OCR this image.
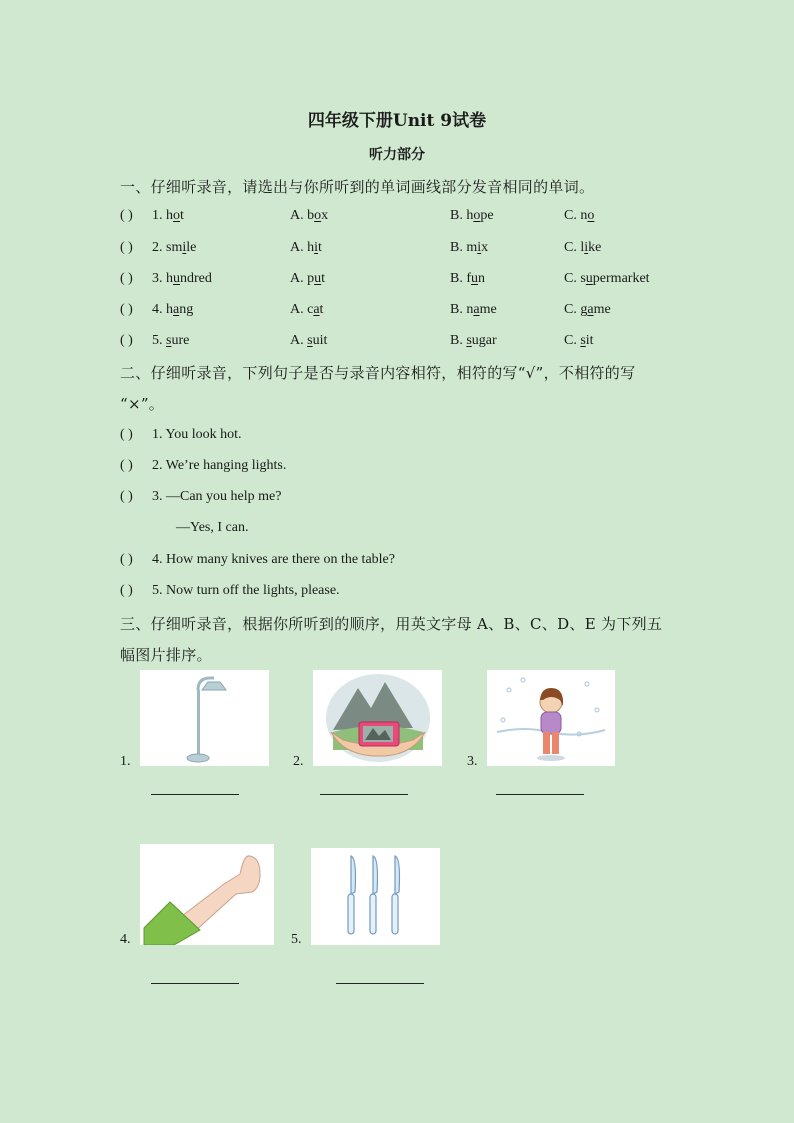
四年级下册Unit 9试卷
听力部分
一、仔细听录音，请选出与你所听到的单词画线部分发音相同的单词。
( ) 1. hot	A. box	B. hope	C. no
( ) 2. smile	A. hit	B. mix	C. like
( ) 3. hundred	A. put	B. fun	C. supermarket
( ) 4. hang	A. cat	B. name	C. game
( ) 5. sure	A. suit	B. sugar	C. sit
二、仔细听录音，下列句子是否与录音内容相符，相符的写“√”，不相符的写
“×”。
( ) 1. You look hot.
( ) 2. We’re hanging lights.
( ) 3. —Can you help me?
—Yes, I can.
( ) 4. How many knives are there on the table?
( ) 5. Now turn off the lights, please.
三、仔细听录音，根据你所听到的顺序，用英文字母 A、B、C、D、E 为下列五
幅图片排序。
1.	2.	3.
4.	5.
